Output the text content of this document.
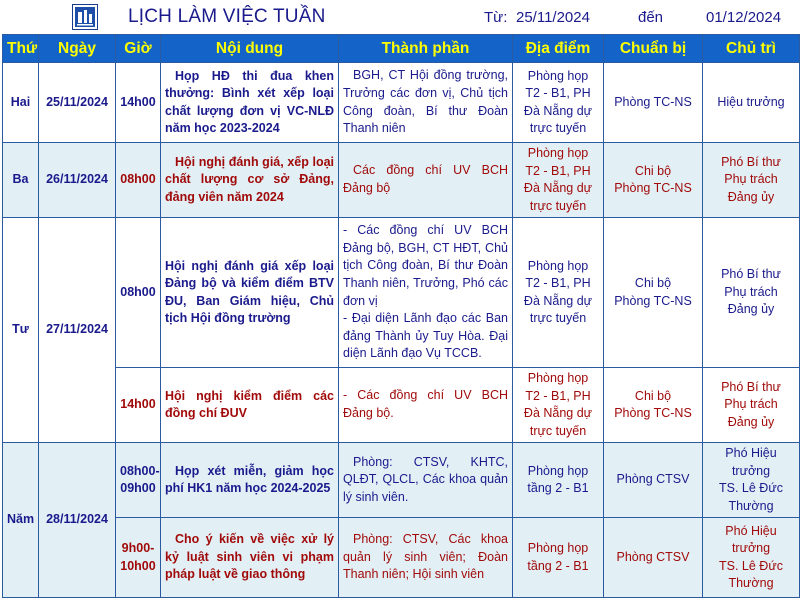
LỊCH LÀM VIỆC TUẦN	Từ: 25/11/2024	đến	01/12/2024
Thứ	Ngày	Giờ	Nội dung	Thành phần	Địa điểm	Chuẩn bị	Chủ trì
Hai	25/11/2024	14h00	Họp HĐ thi đua khen thưởng: Bình xét xếp loại chất lượng đơn vị VC-NLĐ năm học 2023-2024	BGH, CT Hội đồng trường, Trưởng các đơn vị, Chủ tịch Công đoàn, Bí thư Đoàn Thanh niên	Phòng họp
T2 - B1, PH
Đà Nẵng dự
trực tuyến	Phòng TC-NS	Hiệu trưởng
Ba	26/11/2024	08h00	Hội nghị đánh giá, xếp loại chất lượng cơ sở Đảng, đảng viên năm 2024	Các đồng chí UV BCH Đảng bộ	Phòng họp
T2 - B1, PH
Đà Nẵng dự
trực tuyến	Chi bộ
Phòng TC-NS	Phó Bí thư
Phụ trách
Đảng ủy

Tư	27/11/2024	08h00	Hội nghị đánh giá xếp loại Đảng bộ và kiểm điểm BTV ĐU, Ban Giám hiệu, Chủ tịch Hội đồng trường	- Các đồng chí UV BCH Đảng bộ, BGH, CT HĐT, Chủ tịch Công đoàn, Bí thư Đoàn Thanh niên, Trưởng, Phó các đơn vị
- Đại diện Lãnh đạo các Ban đảng Thành ủy Tuy Hòa. Đại diện Lãnh đạo Vụ TCCB.	Phòng họp
T2 - B1, PH
Đà Nẵng dự
trực tuyến	Chi bộ
Phòng TC-NS	Phó Bí thư
Phụ trách
Đảng ủy

		14h00	Hội nghị kiểm điểm các đồng chí ĐUV	- Các đồng chí UV BCH Đảng bộ.	Phòng họp
T2 - B1, PH
Đà Nẵng dự
trực tuyến	Chi bộ
Phòng TC-NS	Phó Bí thư
Phụ trách
Đảng ủy

Năm	28/11/2024	08h00-
09h00	Họp xét miễn, giảm học phí HK1 năm học 2024-2025	Phòng: CTSV, KHTC, QLĐT, QLCL, Các khoa quản lý sinh viên.	Phòng họp
tầng 2 - B1	Phòng CTSV	Phó Hiệu
trưởng
TS. Lê Đức
Thường

		9h00-
10h00	Cho ý kiến về việc xử lý kỷ luật sinh viên vi phạm pháp luật về giao thông	Phòng: CTSV, Các khoa quản lý sinh viên; Đoàn Thanh niên; Hội sinh viên	Phòng họp
tầng 2 - B1	Phòng CTSV	Phó Hiệu
trưởng
TS. Lê Đức
Thường
